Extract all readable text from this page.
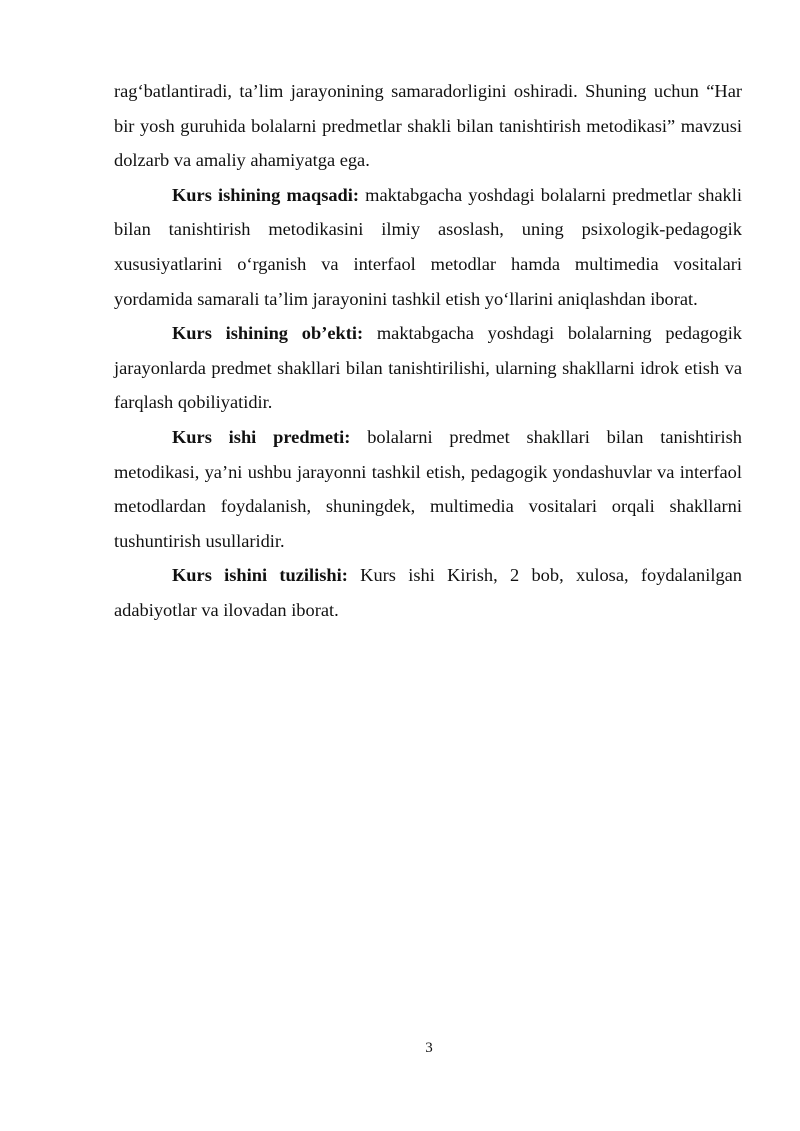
rag‘batlantiradi, ta’lim jarayonining samaradorligini oshiradi. Shuning uchun “Har bir yosh guruhida bolalarni predmetlar shakli bilan tanishtirish metodikasi” mavzusi dolzarb va amaliy ahamiyatga ega.

Kurs ishining maqsadi: maktabgacha yoshdagi bolalarni predmetlar shakli bilan tanishtirish metodikasini ilmiy asoslash, uning psixologik-pedagogik xususiyatlarini o‘rganish va interfaol metodlar hamda multimedia vositalari yordamida samarali ta’lim jarayonini tashkil etish yo‘llarini aniqlashdan iborat.

Kurs ishining ob’ekti: maktabgacha yoshdagi bolalarning pedagogik jarayonlarda predmet shakllari bilan tanishtirilishi, ularning shakllarni idrok etish va farqlash qobiliyatidir.

Kurs ishi predmeti: bolalarni predmet shakllari bilan tanishtirish metodikasi, ya’ni ushbu jarayonni tashkil etish, pedagogik yondashuvlar va interfaol metodlardan foydalanish, shuningdek, multimedia vositalari orqali shakllarni tushuntirish usullaridir.

Kurs ishini tuzilishi: Kurs ishi Kirish, 2 bob, xulosa, foydalanilgan adabiyotlar va ilovadan iborat.

3
